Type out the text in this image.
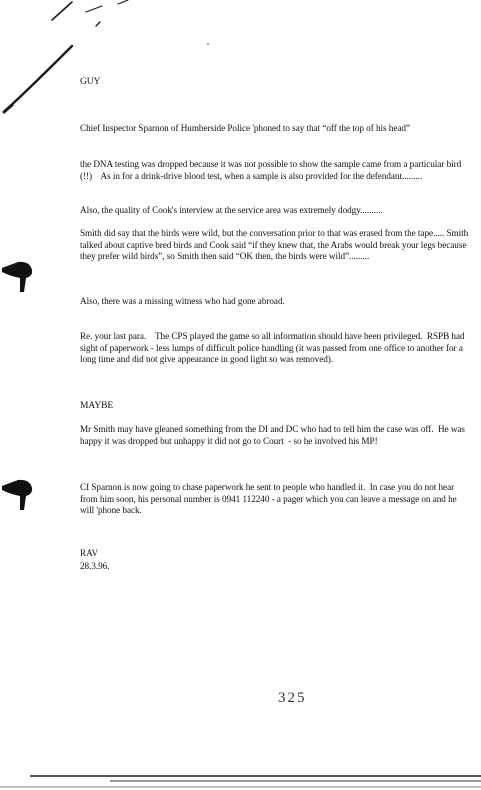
GUY
Chief Inspector Sparnon of Humberside Police 'phoned to say that “off the top of his head”
the DNA testing was dropped because it was not possible to show the sample came from a particular bird (!!)    As in for a drink-drive blood test, when a sample is also provided for the defendant.........
Also, the quality of Cook's interview at the service area was extremely dodgy..........
Smith did say that the birds were wild, but the conversation prior to that was erased from the tape..... Smith talked about captive bred birds and Cook said “if they knew that, the Arabs would break your legs because they prefer wild birds”, so Smith then said “OK then, the birds were wild”.........
Also, there was a missing witness who had gone abroad.
Re. your last para.    The CPS played the game so all information should have been privileged.  RSPB had sight of paperwork - less lumps of difficult police handling (it was passed from one office to another for a long time and did not give appearance in good light so was removed).
MAYBE
Mr Smith may have gleaned something from the DI and DC who had to tell him the case was off.  He was happy it was dropped but unhappy it did not go to Court  - so he involved his MP!
CI Sparnon is now going to chase paperwork he sent to people who handled it.  In case you do not hear from him soon, his personal number is 0941 112240 - a pager which you can leave a message on and he will 'phone back.
RAV
28.3.96.
325
